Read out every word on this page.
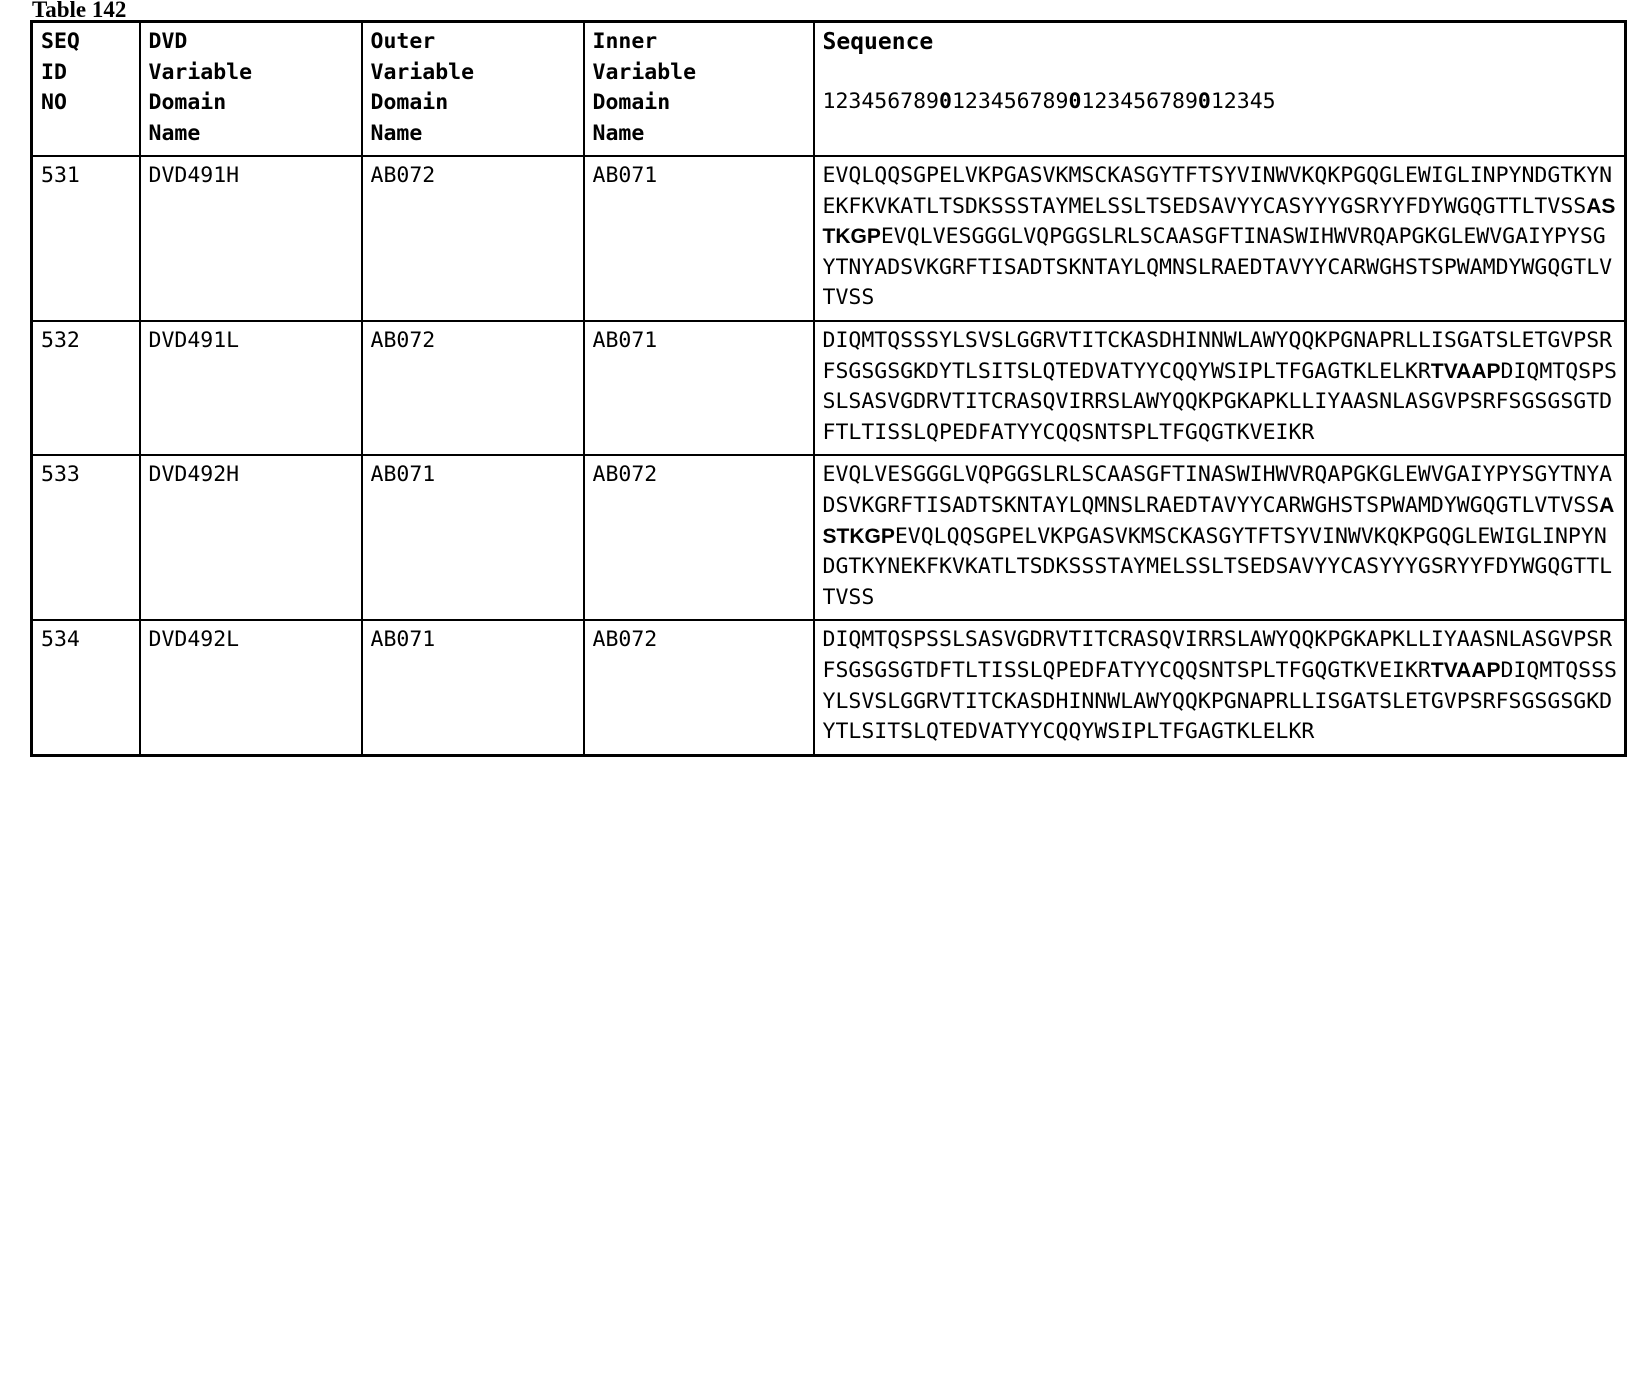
Table 142
SEQ
ID
NO	DVD
Variable
Domain
Name	Outer
Variable
Domain
Name	Inner
Variable
Domain
Name	Sequence
12345678901234567890123456789012345

531	DVD491H	AB072	AB071	EVQLQQSGPELVKPGASVKMSCKASGYTFTSYVINWVKQKPGQGLEWIGLINPYNDGTKYNEKFKVKATLTSDKSSSTAYMELSSLTSEDSAVYYCASYYYGSRYYFDYWGQGTTLTVSSASTKGPEVQLVESGGGLVQPGGSLRLSCAASGFTINASWIHWVRQAPGKGLEWVGAIYPYSGYTNYADSVKGRFTISADTSKNTAYLQMNSLRAEDTAVYYCARWGHSTSPWAMDYWGQGTLVTVSS
532	DVD491L	AB072	AB071	DIQMTQSSSYLSVSLGGRVTITCKASDHINNWLAWYQQKPGNAPRLLISGATSLETGVPSRFSGSGSGKDYTLSITSLQTEDVATYYCQQYWSIPLTFGAGTKLELKRTVAAPDIQMTQSPSSLSASVGDRVTITCRASQVIRRSLAWYQQKPGKAPKLLIYAASNLASGVPSRFSGSGSGTDFTLTISSLQPEDFATYYCQQSNTSPLTFGQGTKVEIKR
533	DVD492H	AB071	AB072	EVQLVESGGGLVQPGGSLRLSCAASGFTINASWIHWVRQAPGKGLEWVGAIYPYSGYTNYADSVKGRFTISADTSKNTAYLQMNSLRAEDTAVYYCARWGHSTSPWAMDYWGQGTLVTVSSASTKGPEVQLQQSGPELVKPGASVKMSCKASGYTFTSYVINWVKQKPGQGLEWIGLINPYNDGTKYNEKFKVKATLTSDKSSSTAYMELSSLTSEDSAVYYCASYYYGSRYYFDYWGQGTTLTVSS
534	DVD492L	AB071	AB072	DIQMTQSPSSLSASVGDRVTITCRASQVIRRSLAWYQQKPGKAPKLLIYAASNLASGVPSRFSGSGSGTDFTLTISSLQPEDFATYYCQQSNTSPLTFGQGTKVEIKRTVAAPDIQMTQSSSYLSVSLGGRVTITCKASDHINNWLAWYQQKPGNAPRLLISGATSLETGVPSRFSGSGSGKDYTLSITSLQTEDVATYYCQQYWSIPLTFGAGTKLELKR
